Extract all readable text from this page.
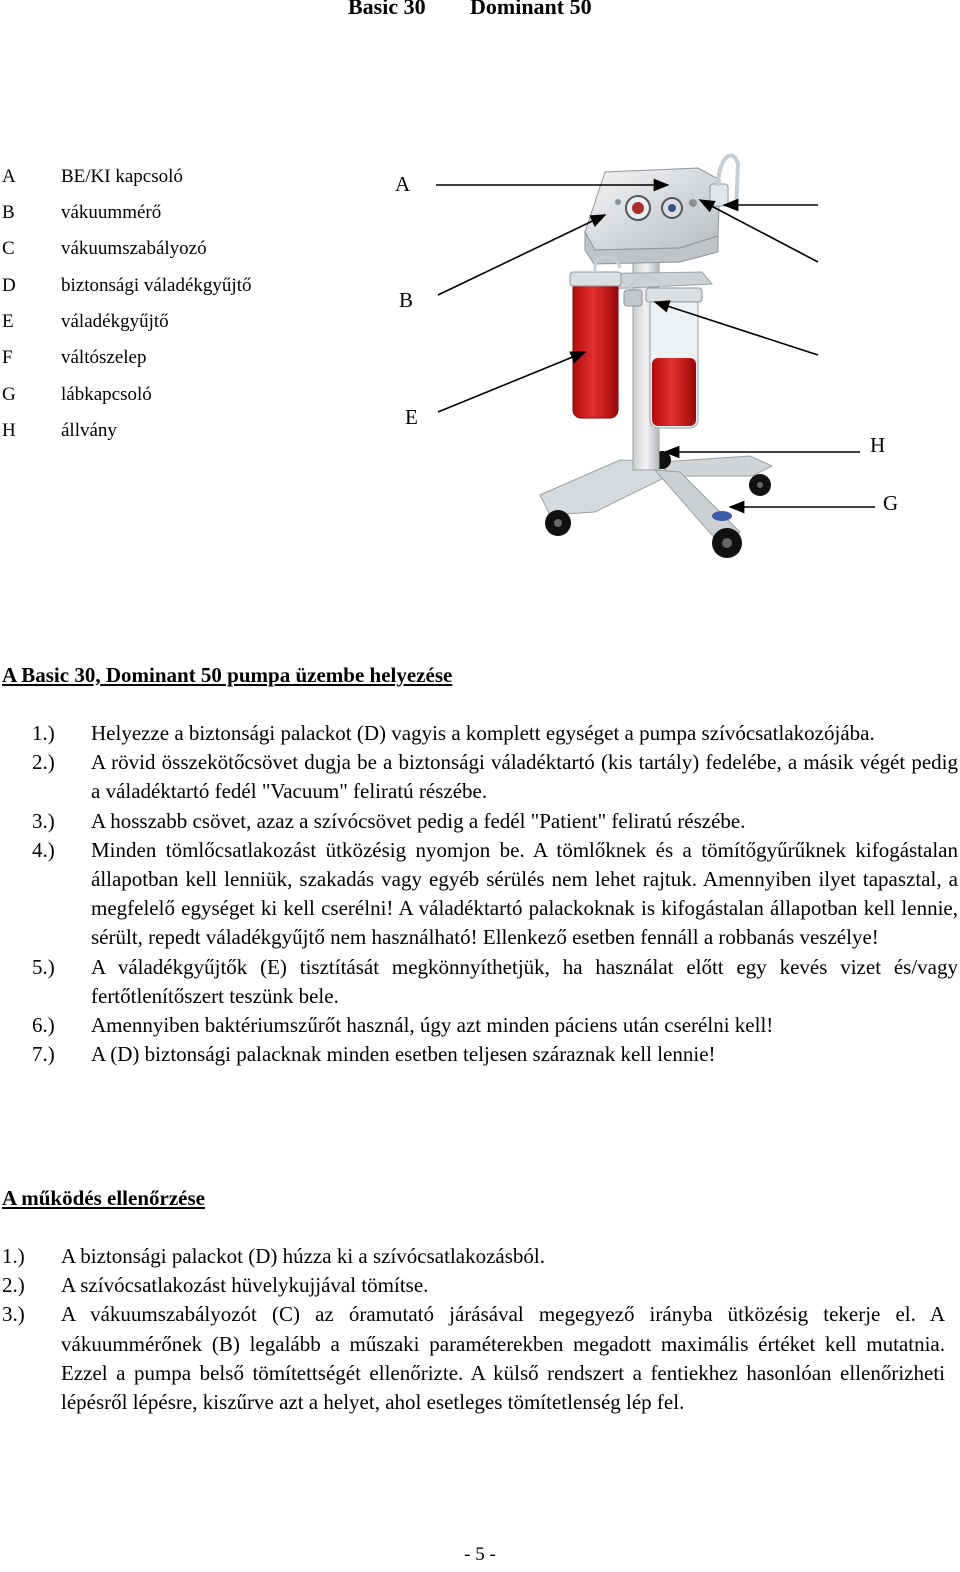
Basic 30 Dominant 50
A BE/KI kapcsoló
B vákuummérő
C vákuumszabályozó
D biztonsági váladékgyűjtő
E váladékgyűjtő
F	váltószelep
G lábkapcsoló
H állvány
A
B
E
H
G
A Basic 30, Dominant 50 pumpa üzembe helyezése
1.) Helyezze a biztonsági palackot (D) vagyis a komplett egységet a pumpa szívócsatlakozójába.
2.) A rövid összekötőcsövet dugja be a biztonsági váladéktartó (kis tartály) fedelébe, a másik végét pedig a váladéktartó fedél "Vacuum" feliratú részébe.
3.) A hosszabb csövet, azaz a szívócsövet pedig a fedél "Patient" feliratú részébe.
4.) Minden tömlőcsatlakozást ütközésig nyomjon be. A tömlőknek és a tömítőgyűrűknek kifogástalan állapotban kell lenniük, szakadás vagy egyéb sérülés nem lehet rajtuk. Amennyiben ilyet tapasztal, a megfelelő egységet ki kell cserélni! A váladéktartó palackoknak is kifogástalan állapotban kell lennie, sérült, repedt váladékgyűjtő nem használható! Ellenkező esetben fennáll a robbanás veszélye!
5.) A váladékgyűjtők (E) tisztítását megkönnyíthetjük, ha használat előtt egy kevés vizet és/vagy fertőtlenítőszert teszünk bele.
6.) Amennyiben baktériumszűrőt használ, úgy azt minden páciens után cserélni kell!
7.) A (D) biztonsági palacknak minden esetben teljesen száraznak kell lennie!
A működés ellenőrzése
1.) A biztonsági palackot (D) húzza ki a szívócsatlakozásból.
2.) A szívócsatlakozást hüvelykujjával tömítse.
3.) A vákuumszabályozót (C) az óramutató járásával megegyező irányba ütközésig tekerje el. A vákuummérőnek (B) legalább a műszaki paraméterekben megadott maximális értéket kell mutatnia. Ezzel a pumpa belső tömítettségét ellenőrizte. A külső rendszert a fentiekhez hasonlóan ellenőrizheti lépésről lépésre, kiszűrve azt a helyet, ahol esetleges tömítetlenség lép fel.
- 5 -
